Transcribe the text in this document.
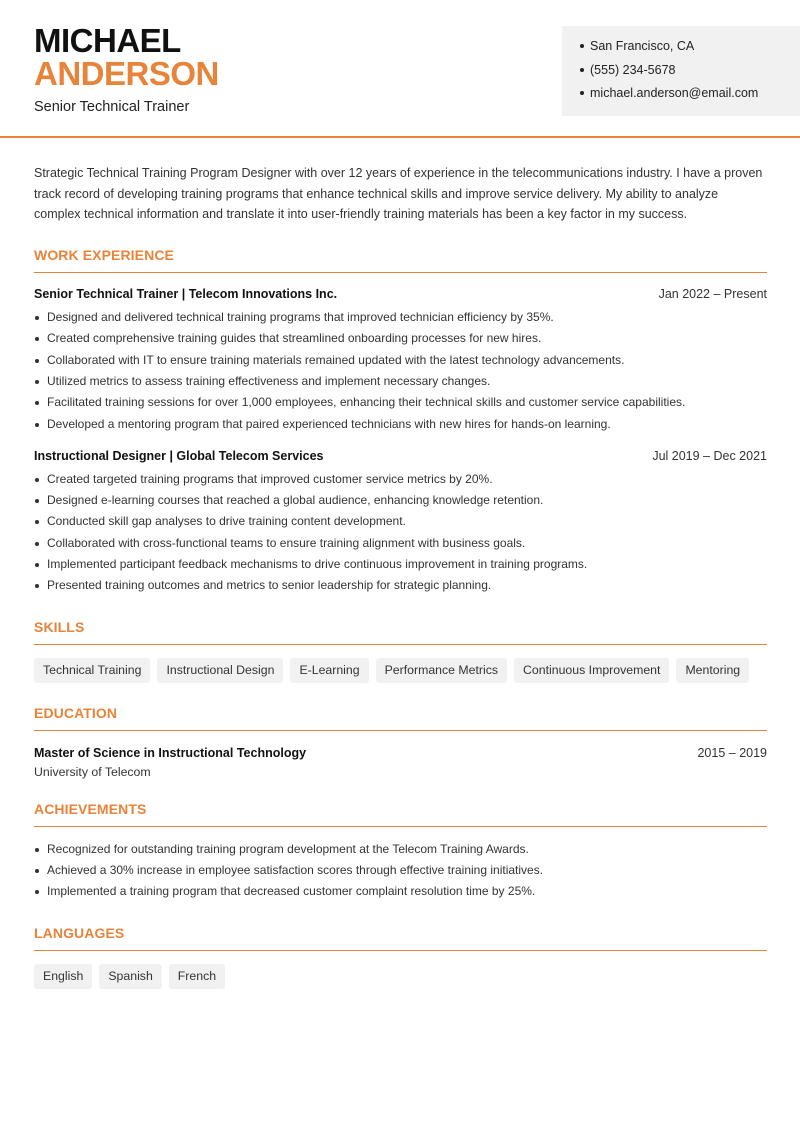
MICHAEL
ANDERSON
Senior Technical Trainer
San Francisco, CA
(555) 234-5678
michael.anderson@email.com

Strategic Technical Training Program Designer with over 12 years of experience in the telecommunications industry. I have a proven track record of developing training programs that enhance technical skills and improve service delivery. My ability to analyze complex technical information and translate it into user-friendly training materials has been a key factor in my success.

WORK EXPERIENCE
Senior Technical Trainer | Telecom Innovations Inc.	Jan 2022 – Present
Designed and delivered technical training programs that improved technician efficiency by 35%.
Created comprehensive training guides that streamlined onboarding processes for new hires.
Collaborated with IT to ensure training materials remained updated with the latest technology advancements.
Utilized metrics to assess training effectiveness and implement necessary changes.
Facilitated training sessions for over 1,000 employees, enhancing their technical skills and customer service capabilities.
Developed a mentoring program that paired experienced technicians with new hires for hands-on learning.
Instructional Designer | Global Telecom Services	Jul 2019 – Dec 2021
Created targeted training programs that improved customer service metrics by 20%.
Designed e-learning courses that reached a global audience, enhancing knowledge retention.
Conducted skill gap analyses to drive training content development.
Collaborated with cross-functional teams to ensure training alignment with business goals.
Implemented participant feedback mechanisms to drive continuous improvement in training programs.
Presented training outcomes and metrics to senior leadership for strategic planning.
SKILLS
Technical Training	Instructional Design	E-Learning	Performance Metrics	Continuous Improvement	Mentoring
EDUCATION
Master of Science in Instructional Technology	2015 – 2019
University of Telecom
ACHIEVEMENTS
Recognized for outstanding training program development at the Telecom Training Awards.
Achieved a 30% increase in employee satisfaction scores through effective training initiatives.
Implemented a training program that decreased customer complaint resolution time by 25%.
LANGUAGES
English	Spanish	French
